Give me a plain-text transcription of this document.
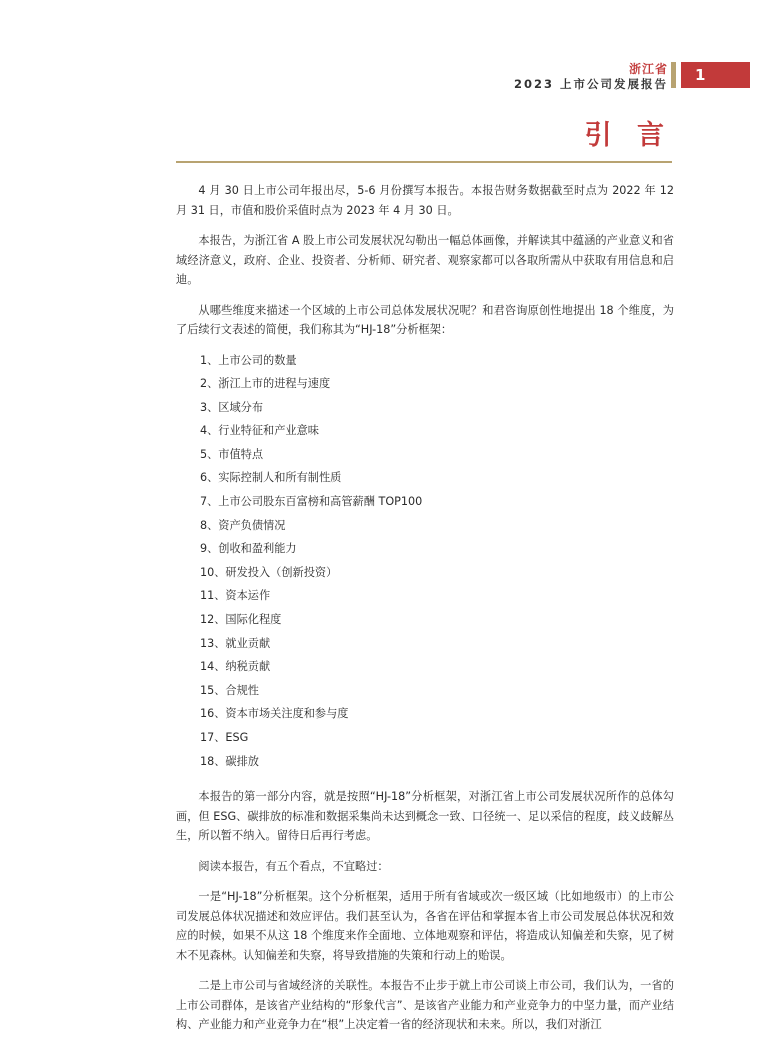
浙江省
2023 上市公司发展报告	1
引 言

4 月 30 日上市公司年报出尽，5-6 月份撰写本报告。本报告财务数据截至时点为 2022 年 12 月 31 日，市值和股价采值时点为 2023 年 4 月 30 日。

本报告，为浙江省 A 股上市公司发展状况勾勒出一幅总体画像，并解读其中蕴涵的产业意义和省域经济意义，政府、企业、投资者、分析师、研究者、观察家都可以各取所需从中获取有用信息和启迪。

从哪些维度来描述一个区域的上市公司总体发展状况呢？和君咨询原创性地提出 18 个维度，为了后续行文表述的简便，我们称其为“HJ-18”分析框架：

1、上市公司的数量
2、浙江上市的进程与速度
3、区域分布
4、行业特征和产业意味
5、市值特点
6、实际控制人和所有制性质
7、上市公司股东百富榜和高管薪酬 TOP100
8、资产负债情况
9、创收和盈利能力
10、研发投入（创新投资）
11、资本运作
12、国际化程度
13、就业贡献
14、纳税贡献
15、合规性
16、资本市场关注度和参与度
17、ESG
18、碳排放

本报告的第一部分内容，就是按照“HJ-18”分析框架，对浙江省上市公司发展状况所作的总体勾画，但 ESG、碳排放的标准和数据采集尚未达到概念一致、口径统一、足以采信的程度，歧义歧解丛生，所以暂不纳入。留待日后再行考虑。

阅读本报告，有五个看点，不宜略过：

一是“HJ-18”分析框架。这个分析框架，适用于所有省域或次一级区域（比如地级市）的上市公司发展总体状况描述和效应评估。我们甚至认为，各省在评估和掌握本省上市公司发展总体状况和效应的时候，如果不从这 18 个维度来作全面地、立体地观察和评估，将造成认知偏差和失察，见了树木不见森林。认知偏差和失察，将导致措施的失策和行动上的贻误。

二是上市公司与省域经济的关联性。本报告不止步于就上市公司谈上市公司，我们认为，一省的上市公司群体，是该省产业结构的“形象代言”、是该省产业能力和产业竞争力的中坚力量，而产业结构、产业能力和产业竞争力在“根”上决定着一省的经济现状和未来。所以，我们对浙江
